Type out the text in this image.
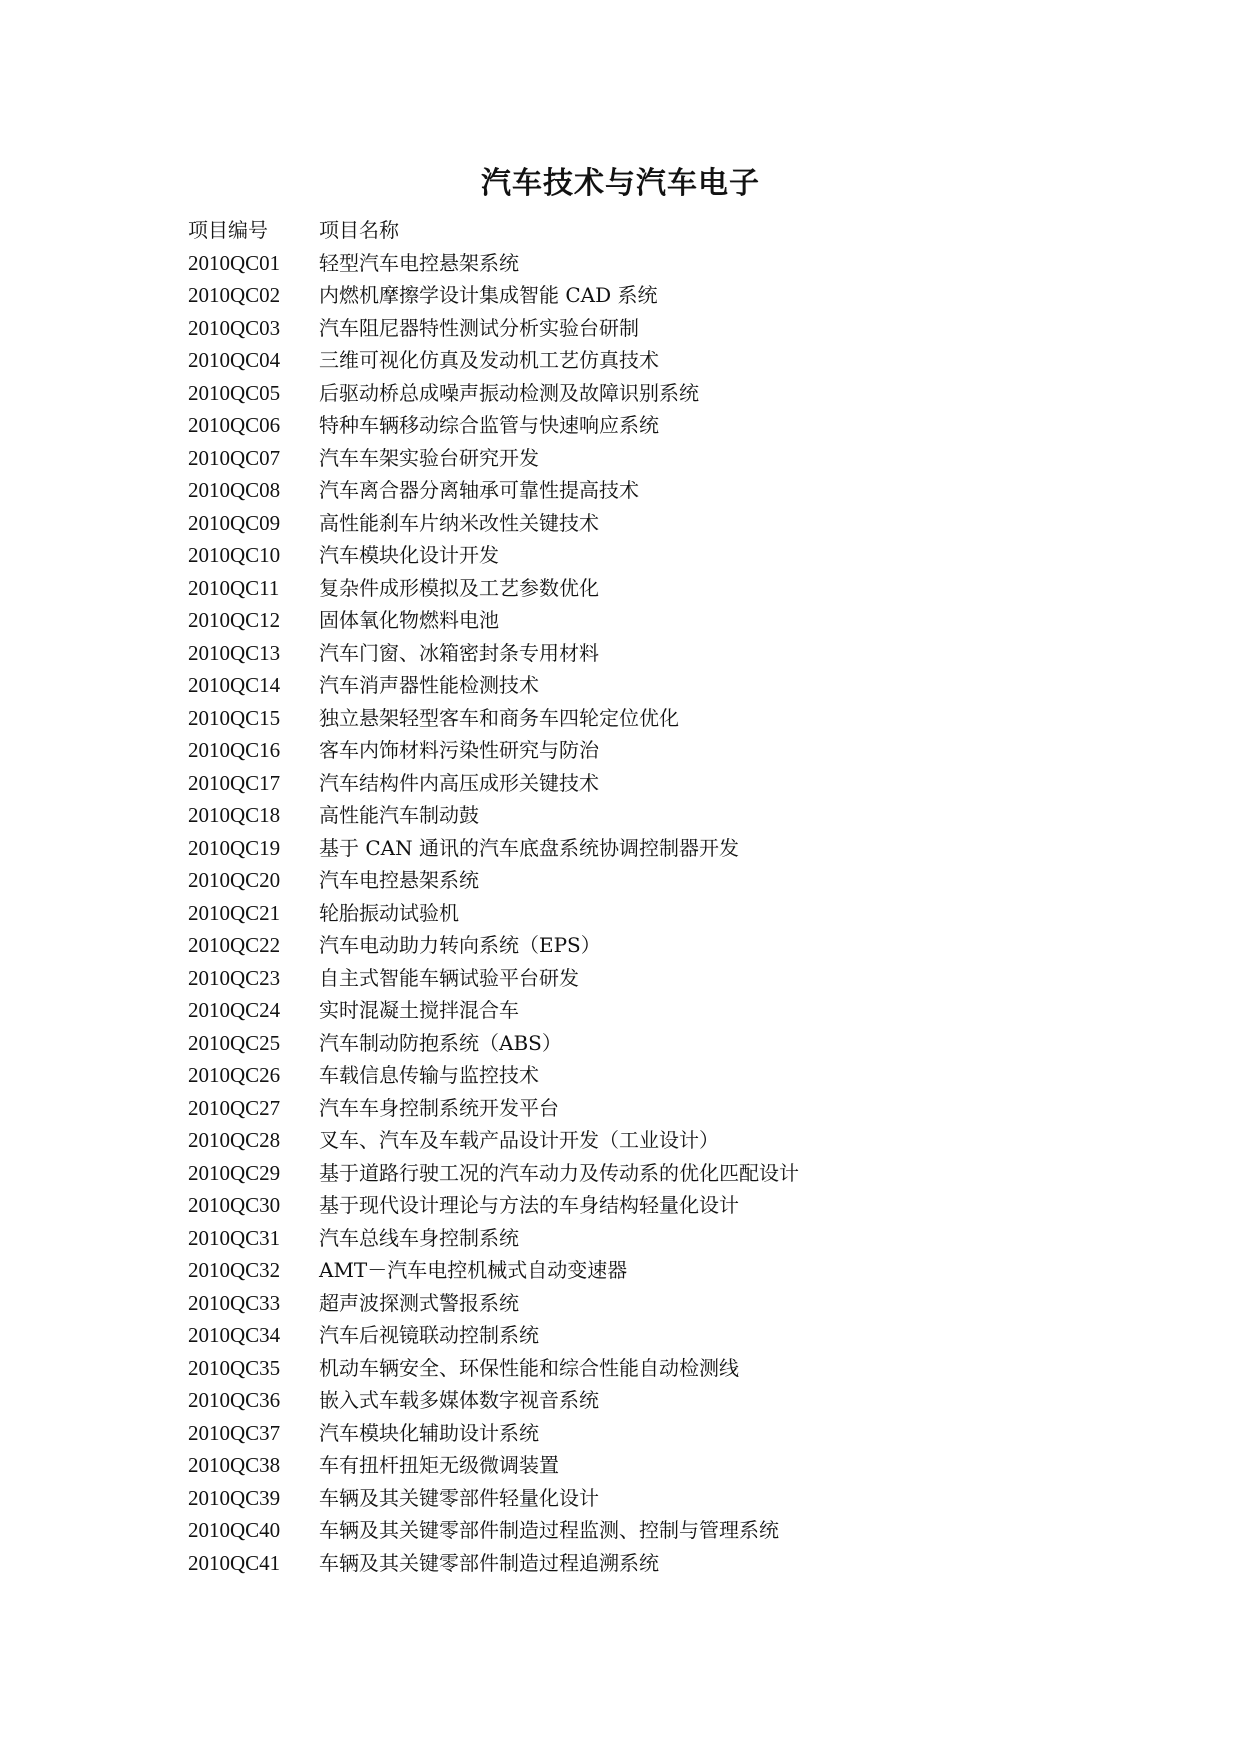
汽车技术与汽车电子
项目编号	项目名称
2010QC01	轻型汽车电控悬架系统
2010QC02	内燃机摩擦学设计集成智能 CAD 系统
2010QC03	汽车阻尼器特性测试分析实验台研制
2010QC04	三维可视化仿真及发动机工艺仿真技术
2010QC05	后驱动桥总成噪声振动检测及故障识别系统
2010QC06	特种车辆移动综合监管与快速响应系统
2010QC07	汽车车架实验台研究开发
2010QC08	汽车离合器分离轴承可靠性提高技术
2010QC09	高性能刹车片纳米改性关键技术
2010QC10	汽车模块化设计开发
2010QC11	复杂件成形模拟及工艺参数优化
2010QC12	固体氧化物燃料电池
2010QC13	汽车门窗、冰箱密封条专用材料
2010QC14	汽车消声器性能检测技术
2010QC15	独立悬架轻型客车和商务车四轮定位优化
2010QC16	客车内饰材料污染性研究与防治
2010QC17	汽车结构件内高压成形关键技术
2010QC18	高性能汽车制动鼓
2010QC19	基于 CAN 通讯的汽车底盘系统协调控制器开发
2010QC20	汽车电控悬架系统
2010QC21	轮胎振动试验机
2010QC22	汽车电动助力转向系统（EPS）
2010QC23	自主式智能车辆试验平台研发
2010QC24	实时混凝土搅拌混合车
2010QC25	汽车制动防抱系统（ABS）
2010QC26	车载信息传输与监控技术
2010QC27	汽车车身控制系统开发平台
2010QC28	叉车、汽车及车载产品设计开发（工业设计）
2010QC29	基于道路行驶工况的汽车动力及传动系的优化匹配设计
2010QC30	基于现代设计理论与方法的车身结构轻量化设计
2010QC31	汽车总线车身控制系统
2010QC32	AMT－汽车电控机械式自动变速器
2010QC33	超声波探测式警报系统
2010QC34	汽车后视镜联动控制系统
2010QC35	机动车辆安全、环保性能和综合性能自动检测线
2010QC36	嵌入式车载多媒体数字视音系统
2010QC37	汽车模块化辅助设计系统
2010QC38	车有扭杆扭矩无级微调装置
2010QC39	车辆及其关键零部件轻量化设计
2010QC40	车辆及其关键零部件制造过程监测、控制与管理系统
2010QC41	车辆及其关键零部件制造过程追溯系统
